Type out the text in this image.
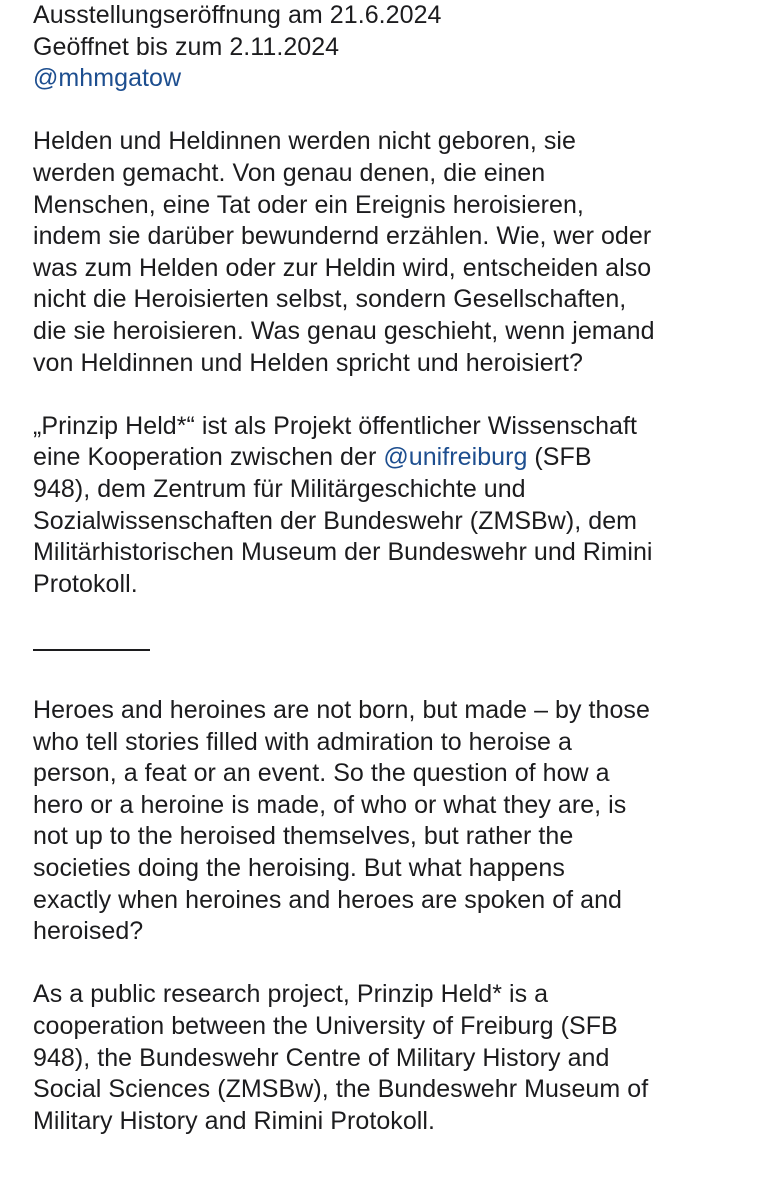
Ausstellungseröffnung am 21.6.2024
Geöffnet bis zum 2.11.2024
@mhmgatow
Helden und Heldinnen werden nicht geboren, sie
werden gemacht. Von genau denen, die einen
Menschen, eine Tat oder ein Ereignis heroisieren,
indem sie darüber bewundernd erzählen. Wie, wer oder
was zum Helden oder zur Heldin wird, entscheiden also
nicht die Heroisierten selbst, sondern Gesellschaften,
die sie heroisieren. Was genau geschieht, wenn jemand
von Heldinnen und Helden spricht und heroisiert?
„Prinzip Held*“ ist als Projekt öffentlicher Wissenschaft
eine Kooperation zwischen der @unifreiburg (SFB
948), dem Zentrum für Militärgeschichte und
Sozialwissenschaften der Bundeswehr (ZMSBw), dem
Militärhistorischen Museum der Bundeswehr und Rimini
Protokoll.
Heroes and heroines are not born, but made – by those
who tell stories filled with admiration to heroise a
person, a feat or an event. So the question of how a
hero or a heroine is made, of who or what they are, is
not up to the heroised themselves, but rather the
societies doing the heroising. But what happens
exactly when heroines and heroes are spoken of and
heroised?
As a public research project, Prinzip Held* is a
cooperation between the University of Freiburg (SFB
948), the Bundeswehr Centre of Military History and
Social Sciences (ZMSBw), the Bundeswehr Museum of
Military History and Rimini Protokoll.
